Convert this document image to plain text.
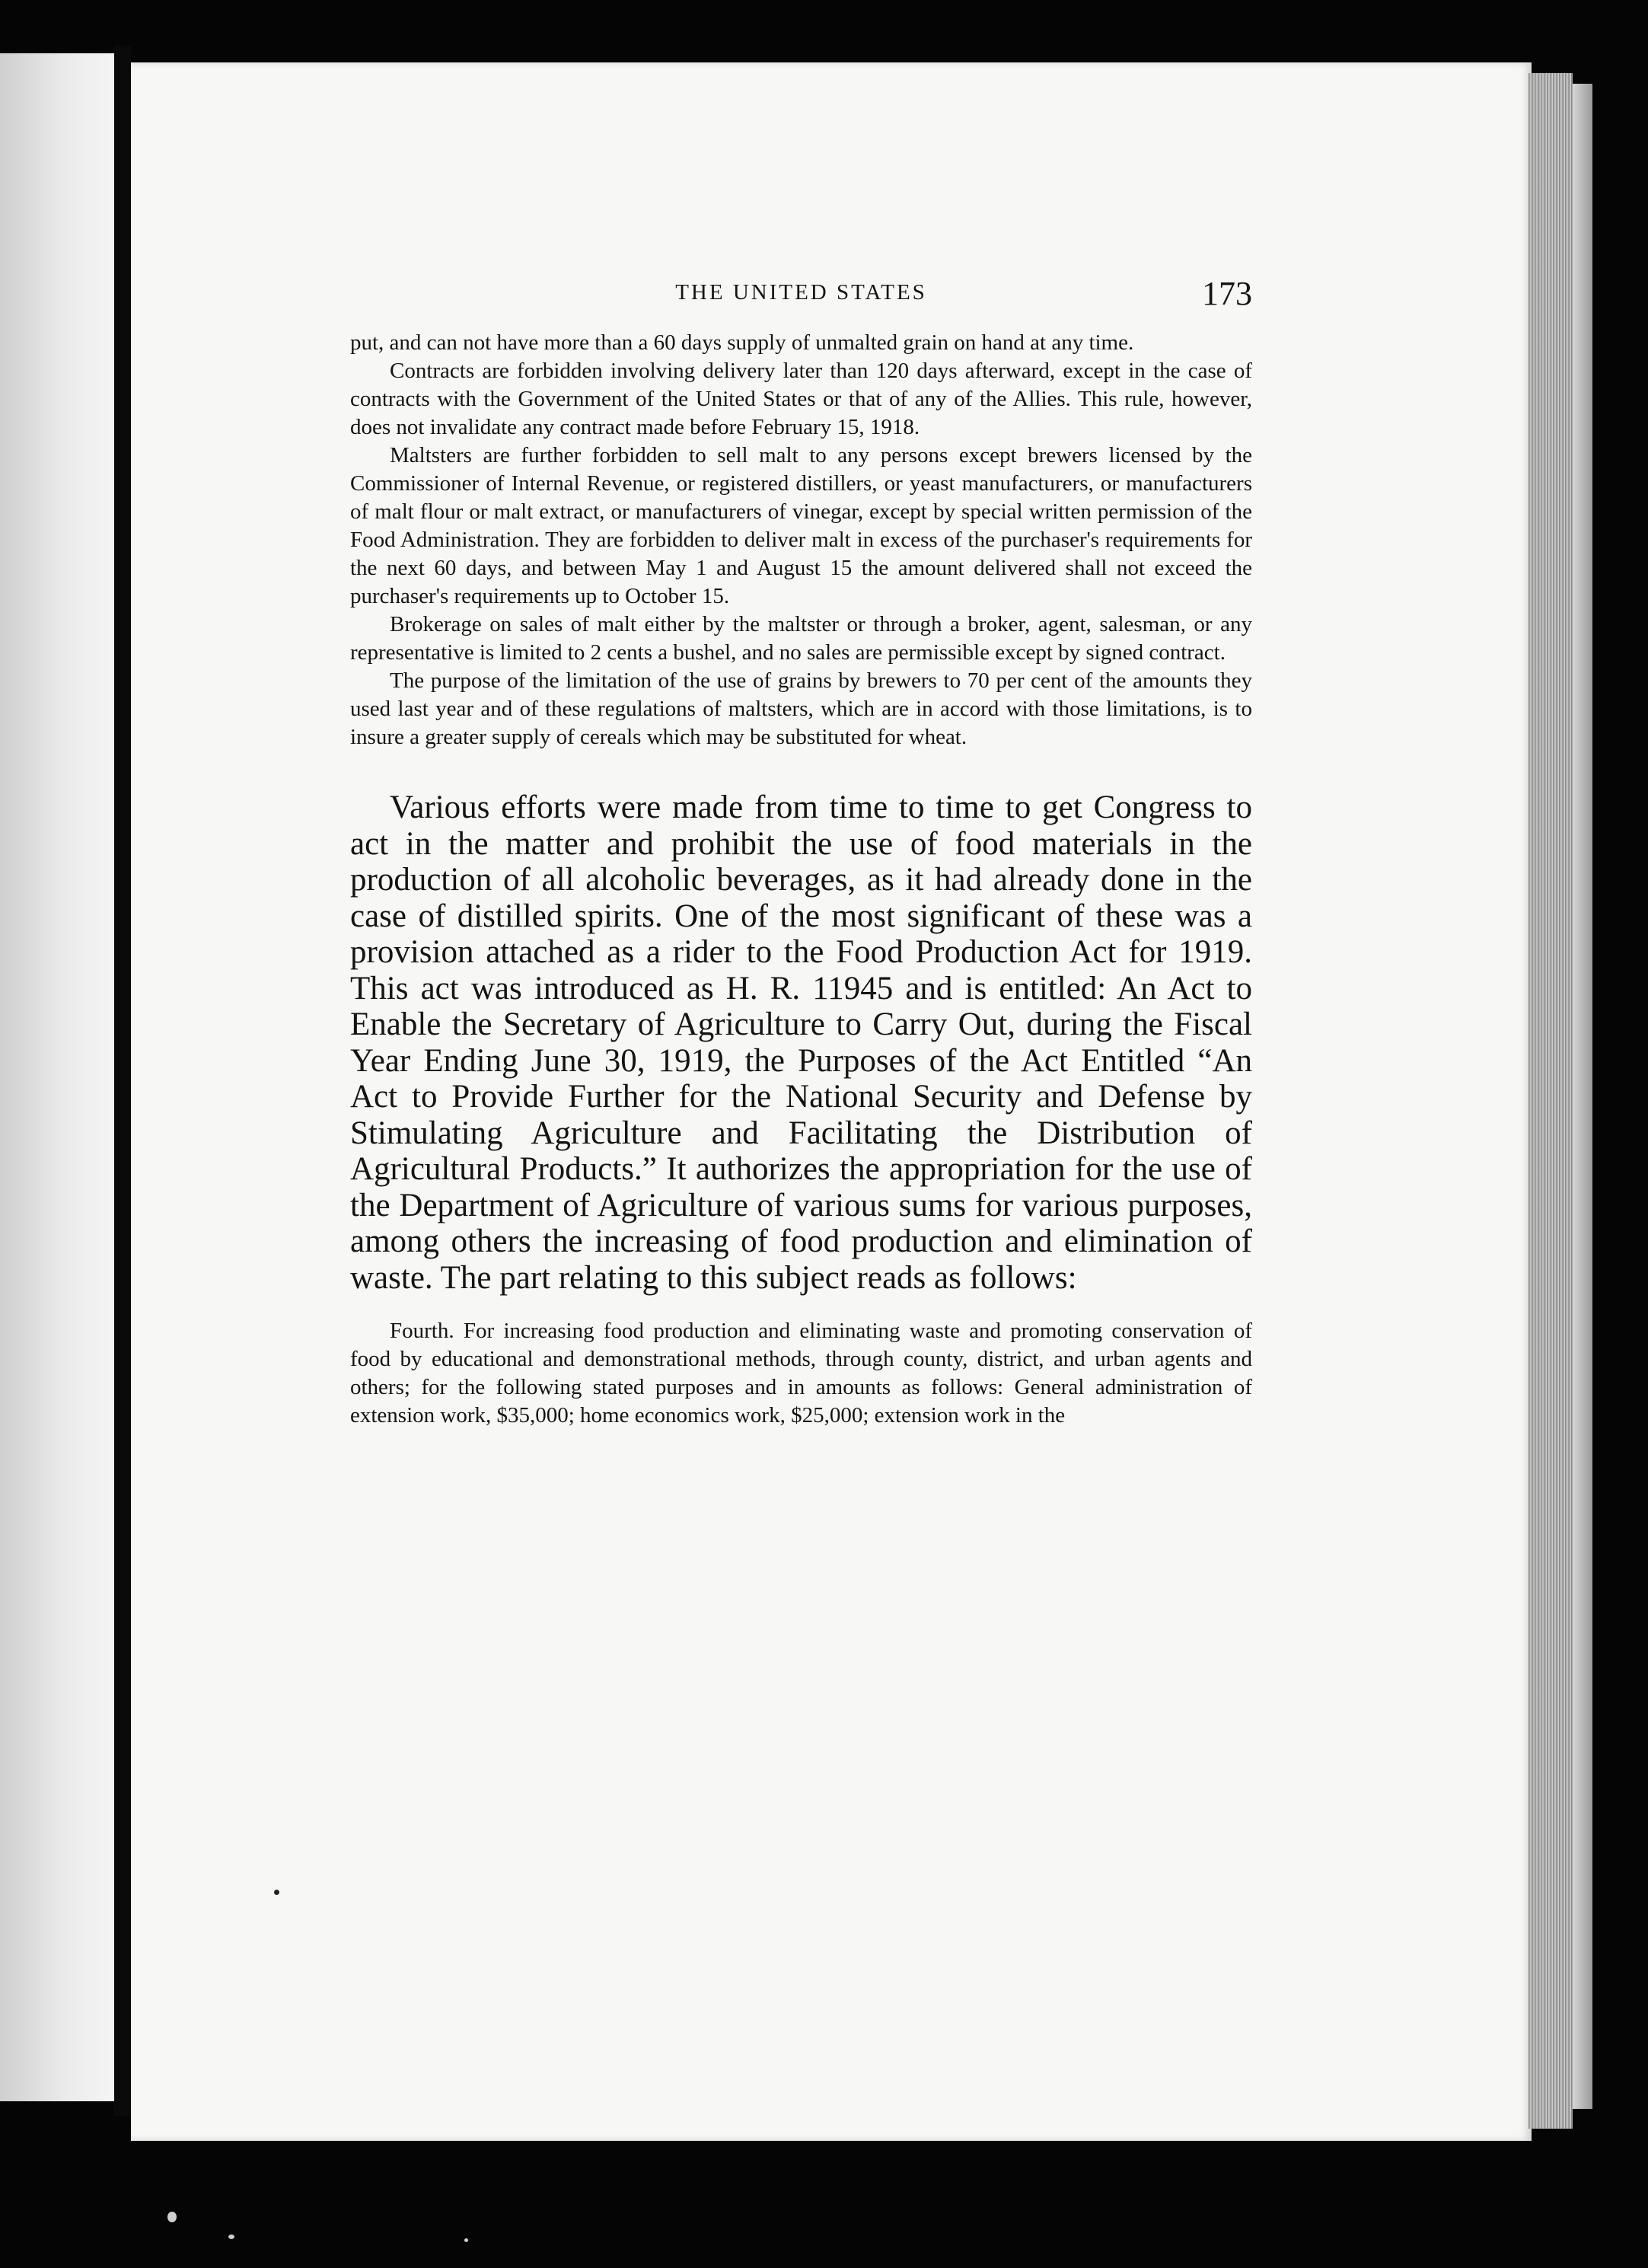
THE UNITED STATES	173

put, and can not have more than a 60 days supply of unmalted grain on hand at any time.

Contracts are forbidden involving delivery later than 120 days afterward, except in the case of contracts with the Government of the United States or that of any of the Allies. This rule, however, does not invalidate any contract made before February 15, 1918.

Maltsters are further forbidden to sell malt to any persons except brewers licensed by the Commissioner of Internal Revenue, or registered distillers, or yeast manufacturers, or manufacturers of malt flour or malt extract, or manufacturers of vinegar, except by special written permission of the Food Administration. They are forbidden to deliver malt in excess of the purchaser's requirements for the next 60 days, and between May 1 and August 15 the amount delivered shall not exceed the purchaser's requirements up to October 15.

Brokerage on sales of malt either by the maltster or through a broker, agent, salesman, or any representative is limited to 2 cents a bushel, and no sales are permissible except by signed contract.

The purpose of the limitation of the use of grains by brewers to 70 per cent of the amounts they used last year and of these regulations of maltsters, which are in accord with those limitations, is to insure a greater supply of cereals which may be substituted for wheat.

Various efforts were made from time to time to get Congress to act in the matter and prohibit the use of food materials in the production of all alcoholic beverages, as it had already done in the case of distilled spirits. One of the most significant of these was a provision attached as a rider to the Food Production Act for 1919. This act was introduced as H. R. 11945 and is entitled: An Act to Enable the Secretary of Agriculture to Carry Out, during the Fiscal Year Ending June 30, 1919, the Purposes of the Act Entitled “An Act to Provide Further for the National Security and Defense by Stimulating Agriculture and Facilitating the Distribution of Agricultural Products.” It authorizes the appropriation for the use of the Department of Agriculture of various sums for various purposes, among others the increasing of food production and elimination of waste. The part relating to this subject reads as follows:

Fourth. For increasing food production and eliminating waste and promoting conservation of food by educational and demonstrational methods, through county, district, and urban agents and others; for the following stated purposes and in amounts as follows: General administration of extension work, $35,000; home economics work, $25,000; extension work in the
